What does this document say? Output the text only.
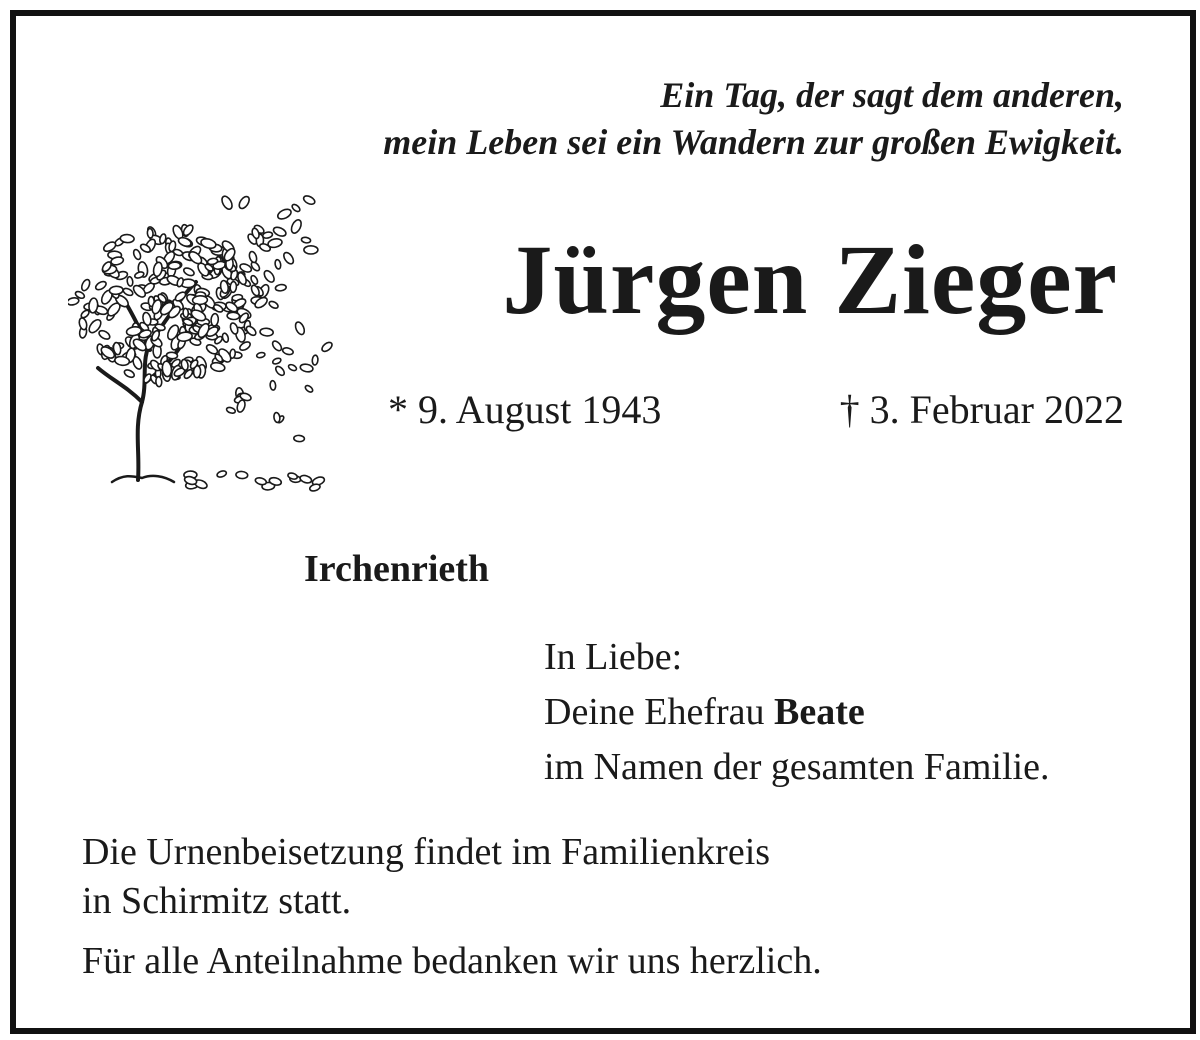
Ein Tag, der sagt dem anderen,
mein Leben sei ein Wandern zur großen Ewigkeit.
Jürgen Zieger
* 9. August 1943	† 3. Februar 2022
Irchenrieth
In Liebe:
Deine Ehefrau Beate
im Namen der gesamten Familie.
Die Urnenbeisetzung findet im Familienkreis
in Schirmitz statt.
Für alle Anteilnahme bedanken wir uns herzlich.
